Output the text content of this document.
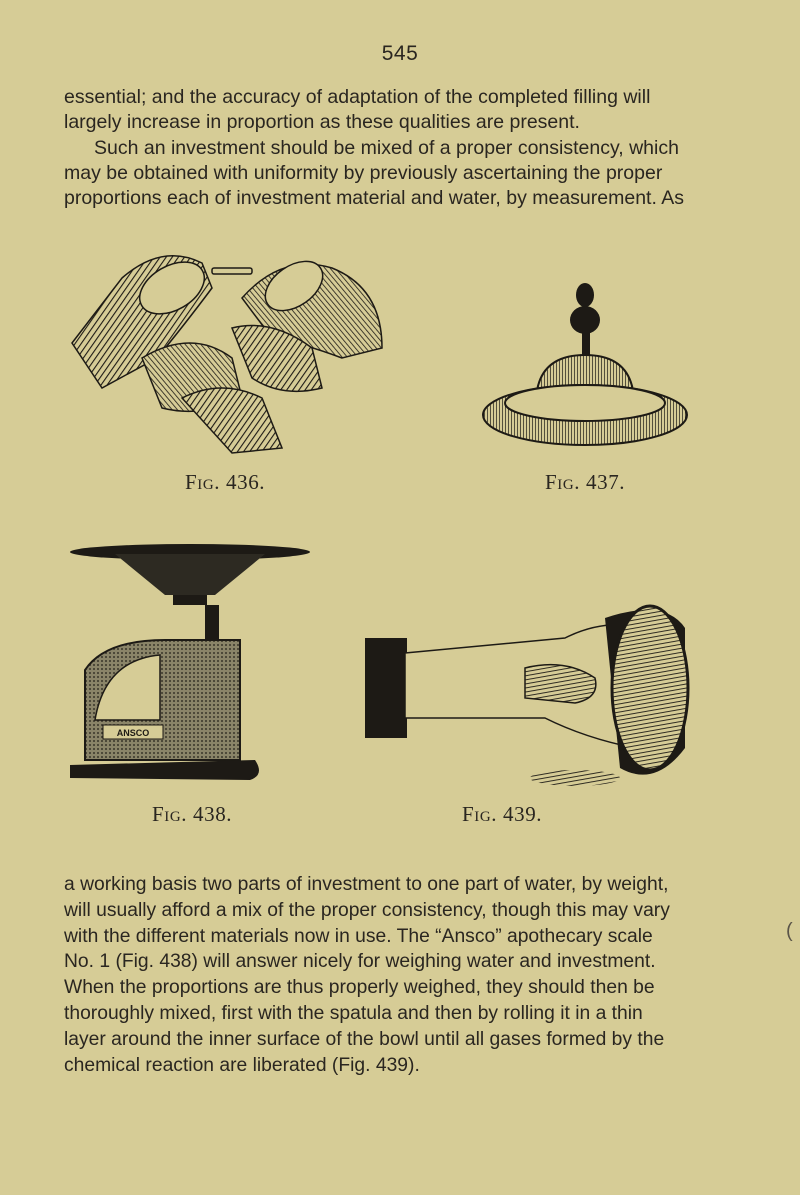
545

essential; and the accuracy of adaptation of the completed filling will
largely increase in proportion as these qualities are present.
Such an investment should be mixed of a proper consistency, which
may be obtained with uniformity by previously ascertaining the proper
proportions each of investment material and water, by measurement. As

Fig. 436.	Fig. 437.
ANSCO
Fig. 438.	Fig. 439.

a working basis two parts of investment to one part of water, by weight,
will usually afford a mix of the proper consistency, though this may vary
with the different materials now in use. The “Ansco” apothecary scale
No. 1 (Fig. 438) will answer nicely for weighing water and investment.
When the proportions are thus properly weighed, they should then be
thoroughly mixed, first with the spatula and then by rolling it in a thin
layer around the inner surface of the bowl until all gases formed by the
chemical reaction are liberated (Fig. 439).

(
